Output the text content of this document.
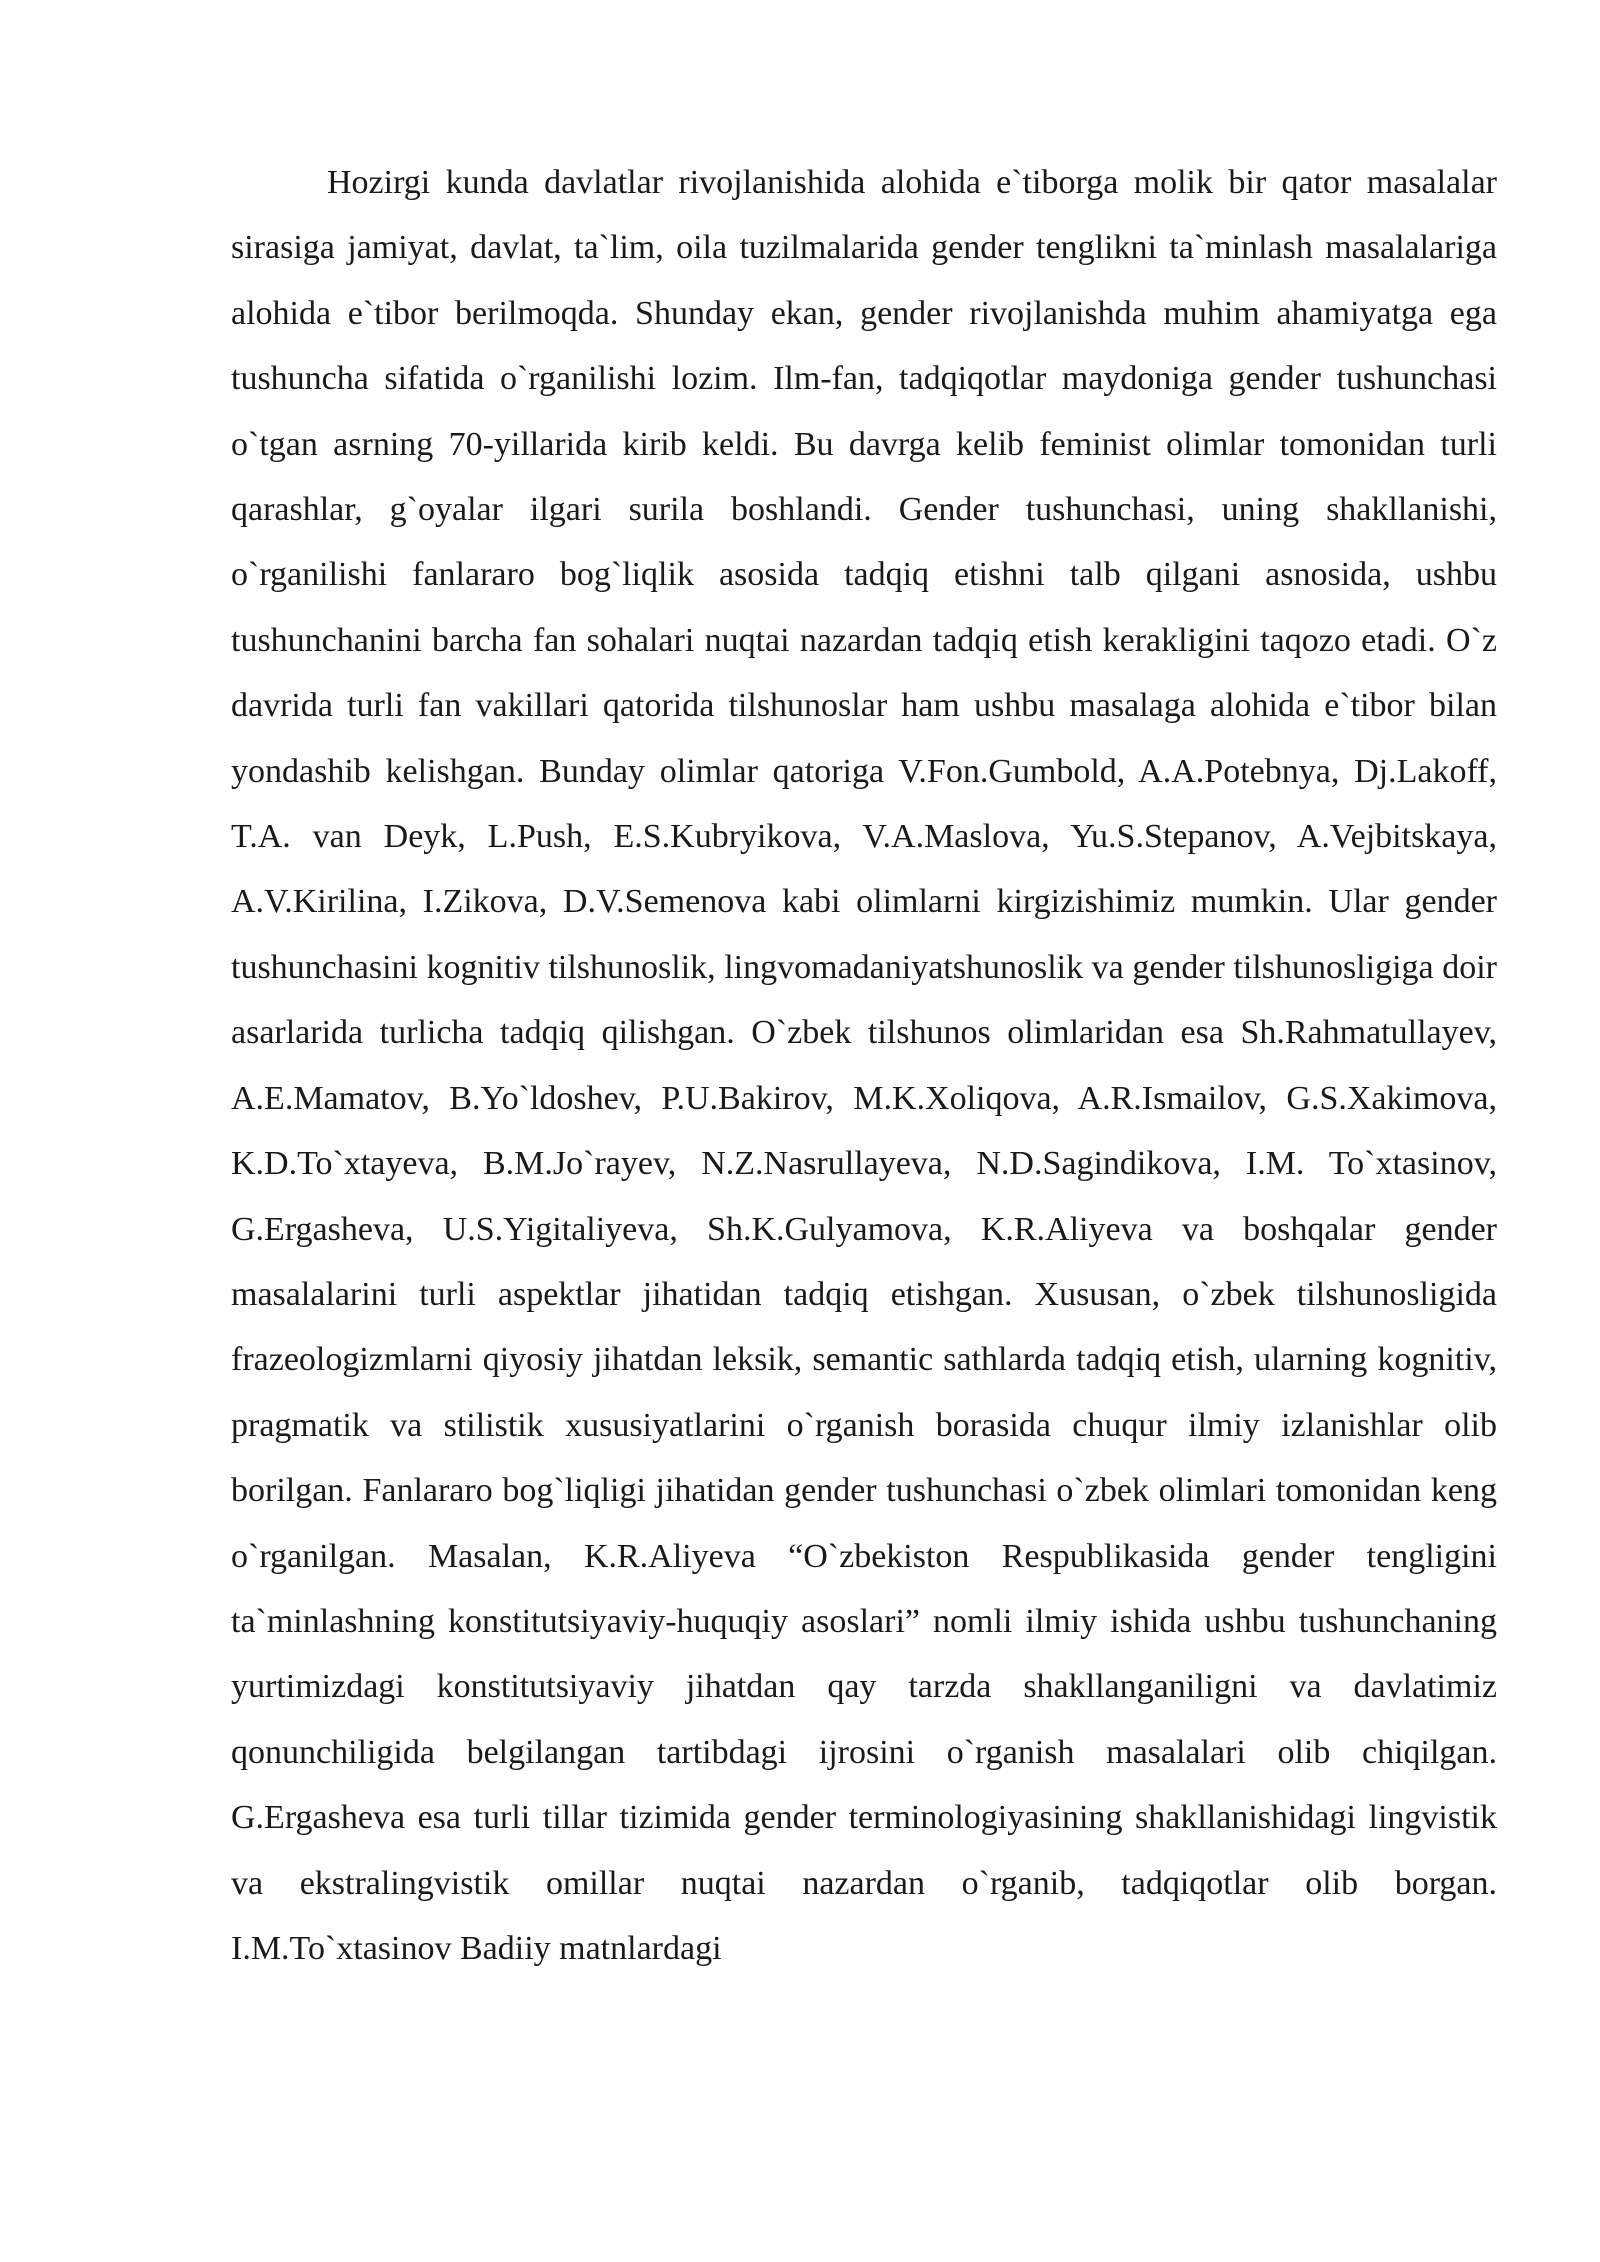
Hozirgi kunda davlatlar rivojlanishida alohida e`tiborga molik bir qator masalalar sirasiga jamiyat, davlat, ta`lim, oila tuzilmalarida gender tenglikni ta`minlash masalalariga alohida e`tibor berilmoqda. Shunday ekan, gender rivojlanishda muhim ahamiyatga ega tushuncha sifatida o`rganilishi lozim. Ilm-fan, tadqiqotlar maydoniga gender tushunchasi o`tgan asrning 70-yillarida kirib keldi. Bu davrga kelib feminist olimlar tomonidan turli qarashlar, g`oyalar ilgari surila boshlandi. Gender tushunchasi, uning shakllanishi, o`rganilishi fanlararo bog`liqlik asosida tadqiq etishni talb qilgani asnosida, ushbu tushunchanini barcha fan sohalari nuqtai nazardan tadqiq etish kerakligini taqozo etadi. O`z davrida turli fan vakillari qatorida tilshunoslar ham ushbu masalaga alohida e`tibor bilan yondashib kelishgan. Bunday olimlar qatoriga V.Fon.Gumbold, A.A.Potebnya, Dj.Lakoff, T.A. van Deyk, L.Push, E.S.Kubryikova, V.A.Maslova, Yu.S.Stepanov, A.Vejbitskaya, A.V.Kirilina, I.Zikova, D.V.Semenova kabi olimlarni kirgizishimiz mumkin. Ular gender tushunchasini kognitiv tilshunoslik, lingvomadaniyatshunoslik va gender tilshunosligiga doir asarlarida turlicha tadqiq qilishgan. O`zbek tilshunos olimlaridan esa Sh.Rahmatullayev, A.E.Mamatov, B.Yo`ldoshev, P.U.Bakirov, M.K.Xoliqova, A.R.Ismailov, G.S.Xakimova, K.D.To`xtayeva, B.M.Jo`rayev, N.Z.Nasrullayeva, N.D.Sagindikova, I.M. To`xtasinov, G.Ergasheva, U.S.Yigitaliyeva, Sh.K.Gulyamova, K.R.Aliyeva va boshqalar gender masalalarini turli aspektlar jihatidan tadqiq etishgan. Xususan, o`zbek tilshunosligida frazeologizmlarni qiyosiy jihatdan leksik, semantic sathlarda tadqiq etish, ularning kognitiv, pragmatik va stilistik xususiyatlarini o`rganish borasida chuqur ilmiy izlanishlar olib borilgan. Fanlararo bog`liqligi jihatidan gender tushunchasi o`zbek olimlari tomonidan keng o`rganilgan. Masalan, K.R.Aliyeva “O`zbekiston Respublikasida gender tengligini ta`minlashning konstitutsiyaviy-huquqiy asoslari” nomli ilmiy ishida ushbu tushunchaning yurtimizdagi konstitutsiyaviy jihatdan qay tarzda shakllanganiligni va davlatimiz qonunchiligida belgilangan tartibdagi ijrosini o`rganish masalalari olib chiqilgan. G.Ergasheva esa turli tillar tizimida gender terminologiyasining shakllanishidagi lingvistik va ekstralingvistik omillar nuqtai nazardan o`rganib, tadqiqotlar olib borgan. I.M.To`xtasinov Badiiy matnlardagi
